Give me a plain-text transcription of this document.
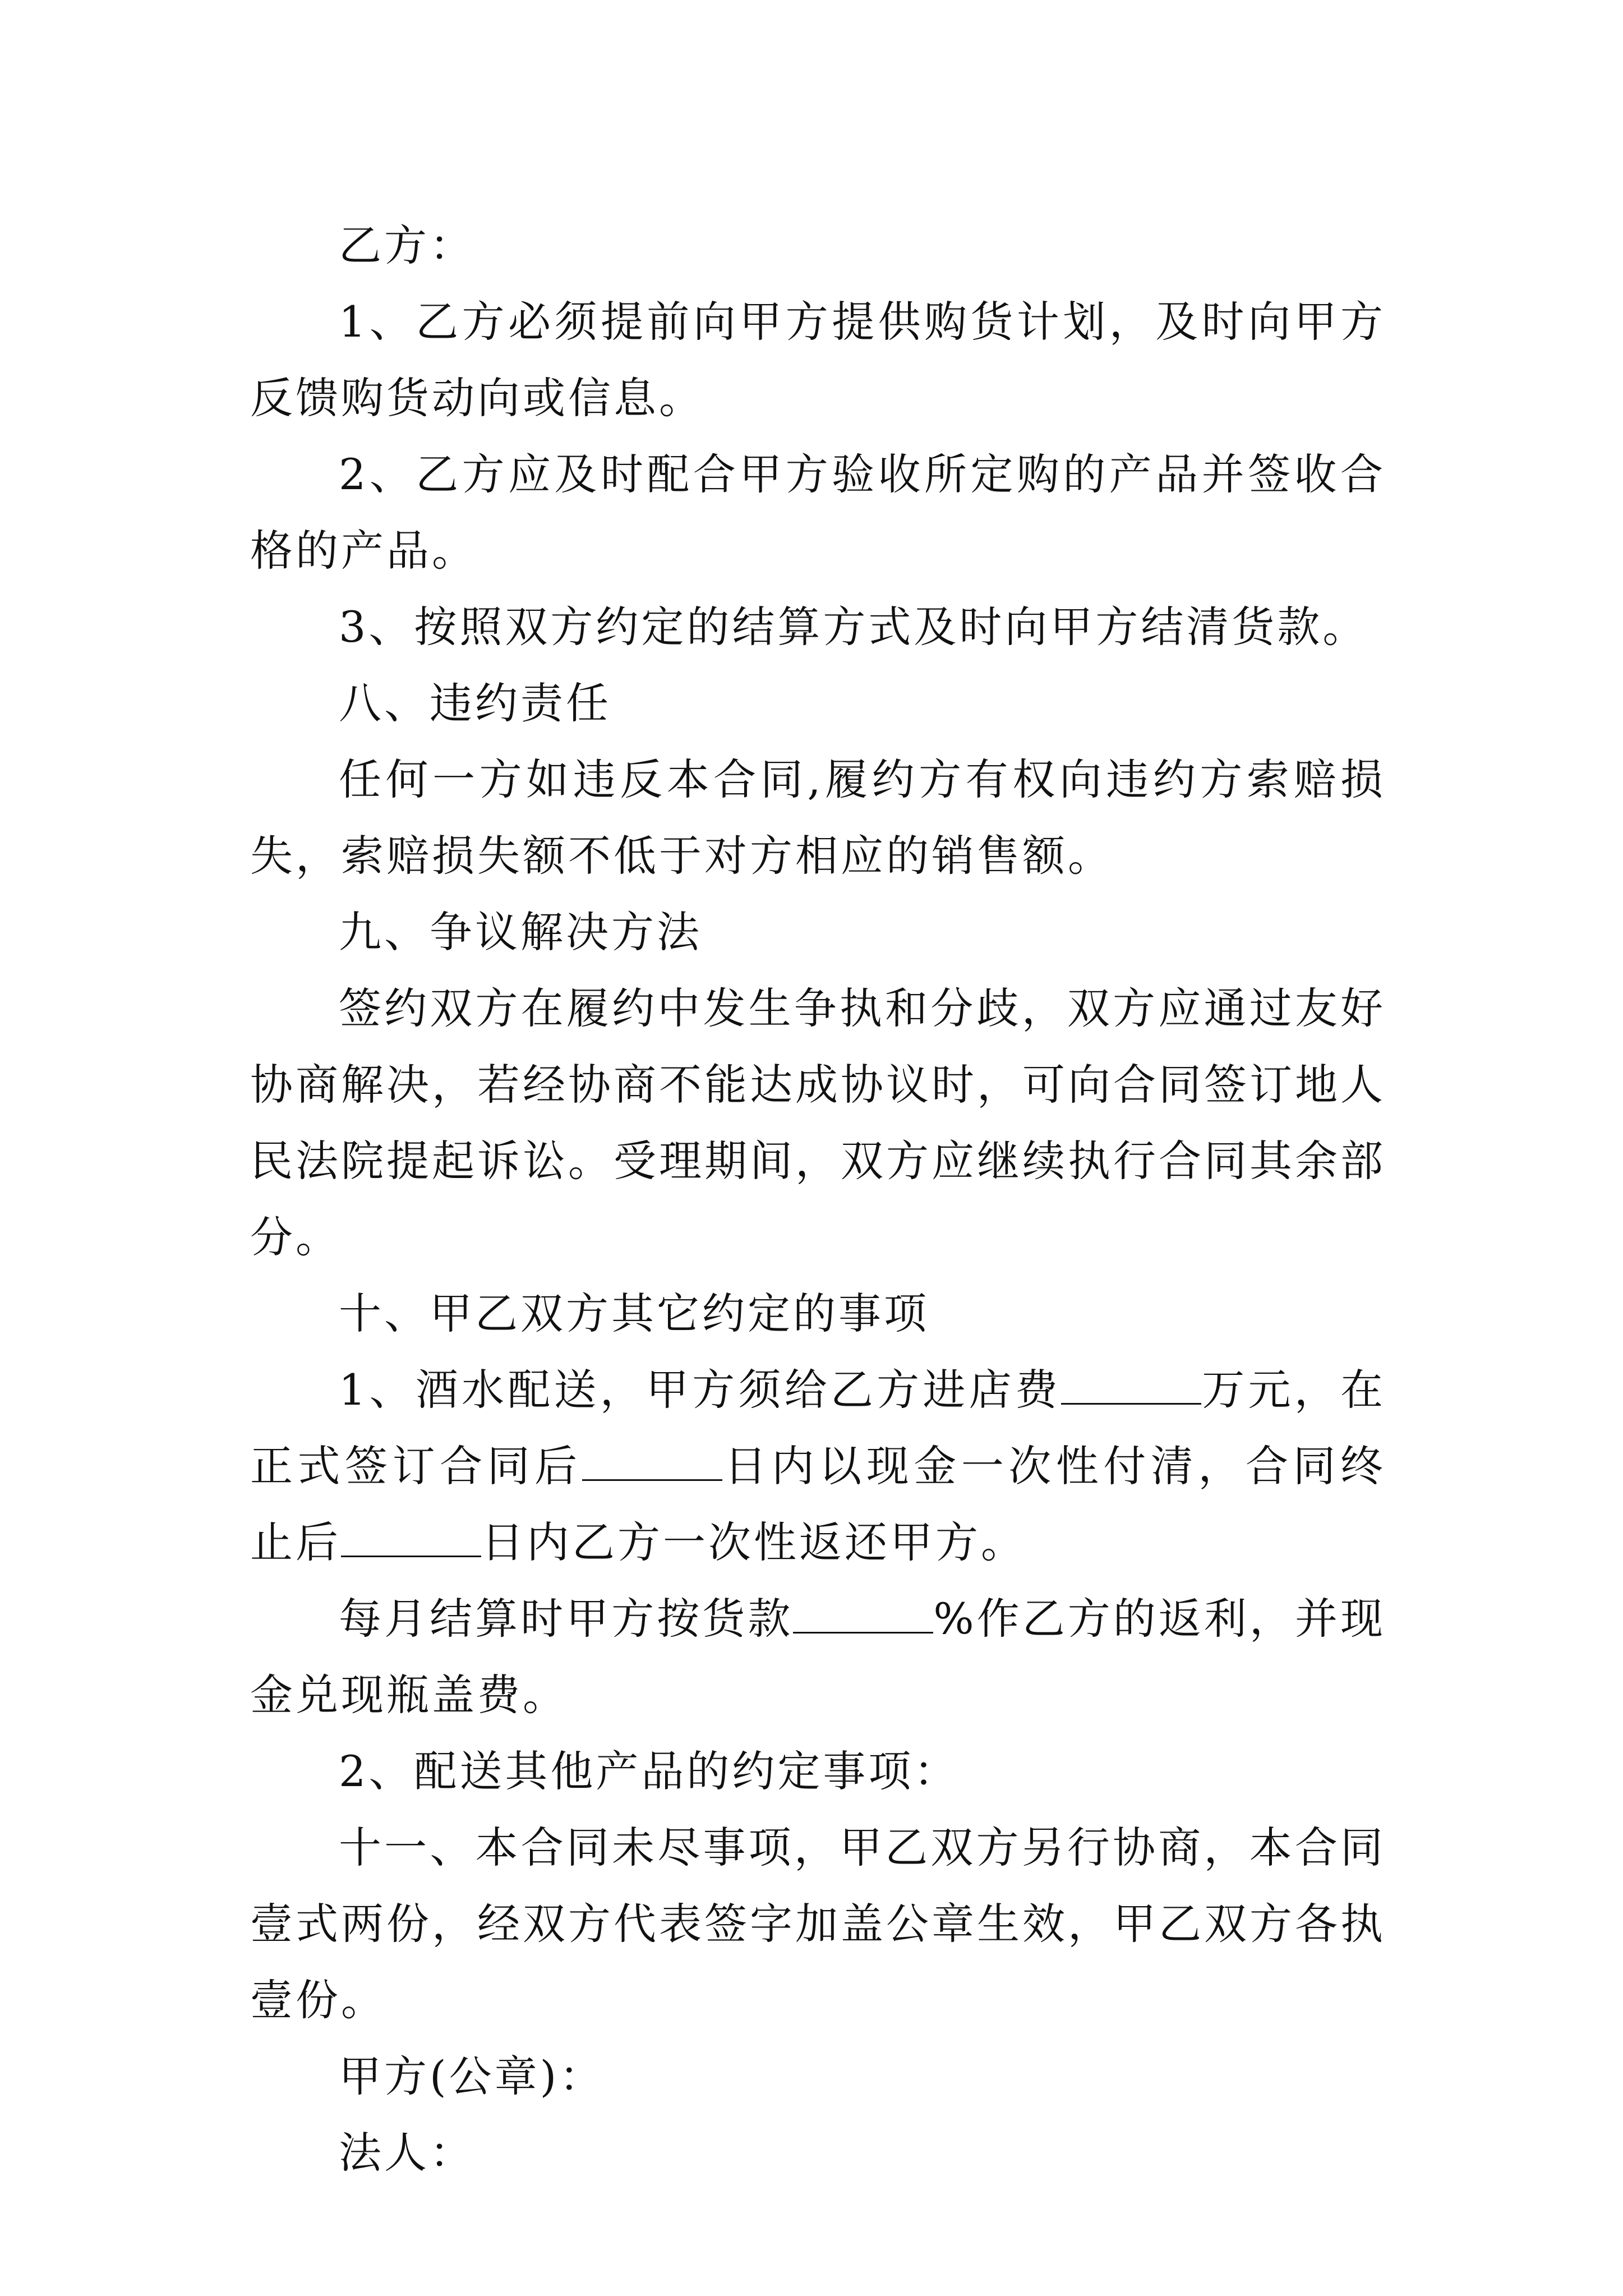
乙方：

1、乙方必须提前向甲方提供购货计划，及时向甲方反馈购货动向或信息。

2、乙方应及时配合甲方验收所定购的产品并签收合格的产品。

3、按照双方约定的结算方式及时向甲方结清货款。

八、违约责任

任何一方如违反本合同,履约方有权向违约方索赔损失，索赔损失额不低于对方相应的销售额。

九、争议解决方法

签约双方在履约中发生争执和分歧，双方应通过友好协商解决，若经协商不能达成协议时，可向合同签订地人民法院提起诉讼。受理期间，双方应继续执行合同其余部分。

十、甲乙双方其它约定的事项

1、酒水配送，甲方须给乙方进店费	万元，在正式签订合同后	日内以现金一次性付清，合同终止后	日内乙方一次性返还甲方。

每月结算时甲方按货款	%作乙方的返利，并现金兑现瓶盖费。

2、配送其他产品的约定事项：

十一、本合同未尽事项，甲乙双方另行协商，本合同壹式两份，经双方代表签字加盖公章生效，甲乙双方各执壹份。

甲方(公章)：

法人：
